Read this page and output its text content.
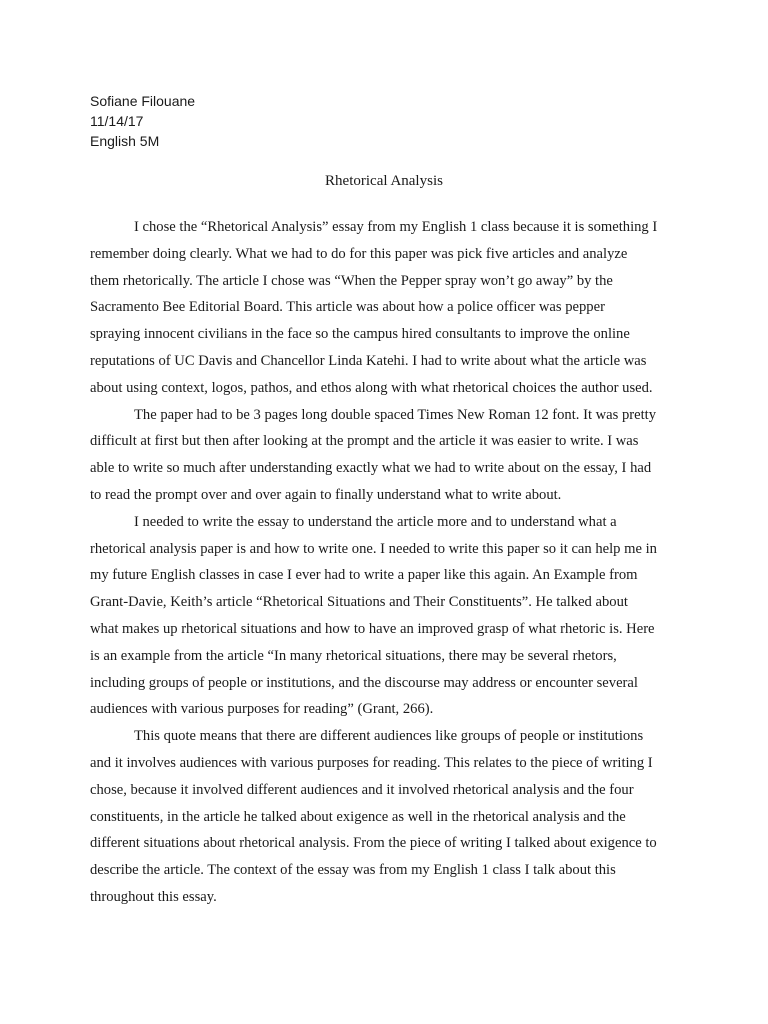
Sofiane Filouane
11/14/17
English 5M
Rhetorical Analysis
I chose the “Rhetorical Analysis” essay from my English 1 class because it is something I
remember doing clearly. What we had to do for this paper was pick five articles and analyze
them rhetorically. The article I chose was “When the Pepper spray won’t go away” by the
Sacramento Bee Editorial Board. This article was about how a police officer was pepper
spraying innocent civilians in the face so the campus hired consultants to improve the online
reputations of UC Davis and Chancellor Linda Katehi. I had to write about what the article was
about using context, logos, pathos, and ethos along with what rhetorical choices the author used.
The paper had to be 3 pages long double spaced Times New Roman 12 font. It was pretty
difficult at first but then after looking at the prompt and the article it was easier to write. I was
able to write so much after understanding exactly what we had to write about on the essay, I had
to read the prompt over and over again to finally understand what to write about.
I needed to write the essay to understand the article more and to understand what a
rhetorical analysis paper is and how to write one. I needed to write this paper so it can help me in
my future English classes in case I ever had to write a paper like this again. An Example from
Grant-Davie, Keith’s article “Rhetorical Situations and Their Constituents”. He talked about
what makes up rhetorical situations and how to have an improved grasp of what rhetoric is. Here
is an example from the article “In many rhetorical situations, there may be several rhetors,
including groups of people or institutions, and the discourse may address or encounter several
audiences with various purposes for reading” (Grant, 266).
This quote means that there are different audiences like groups of people or institutions
and it involves audiences with various purposes for reading. This relates to the piece of writing I
chose, because it involved different audiences and it involved rhetorical analysis and the four
constituents, in the article he talked about exigence as well in the rhetorical analysis and the
different situations about rhetorical analysis. From the piece of writing I talked about exigence to
describe the article. The context of the essay was from my English 1 class I talk about this
throughout this essay.
